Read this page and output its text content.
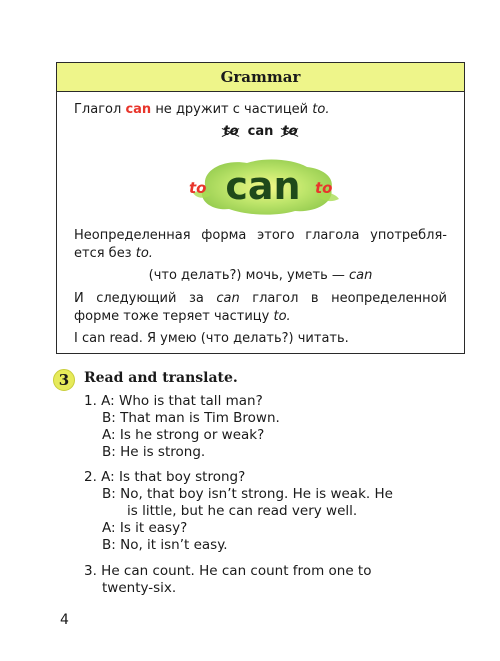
Grammar
Глагол can не дружит с частицей to.
to can to
to can to
Неопределенная форма этого глагола употребля-
ется без to.
(что делать?) мочь, уметь — can
И следующий за can глагол в неопределенной
форме тоже теряет частицу to.
I can read. Я умею (что делать?) читать.
3	Read and translate.
1. A: Who is that tall man?
B: That man is Tim Brown.
A: Is he strong or weak?
B: He is strong.
2. A: Is that boy strong?
B: No, that boy isn’t strong. He is weak. He
is little, but he can read very well.
A: Is it easy?
B: No, it isn’t easy.
3. He can count. He can count from one to
twenty-six.
4
